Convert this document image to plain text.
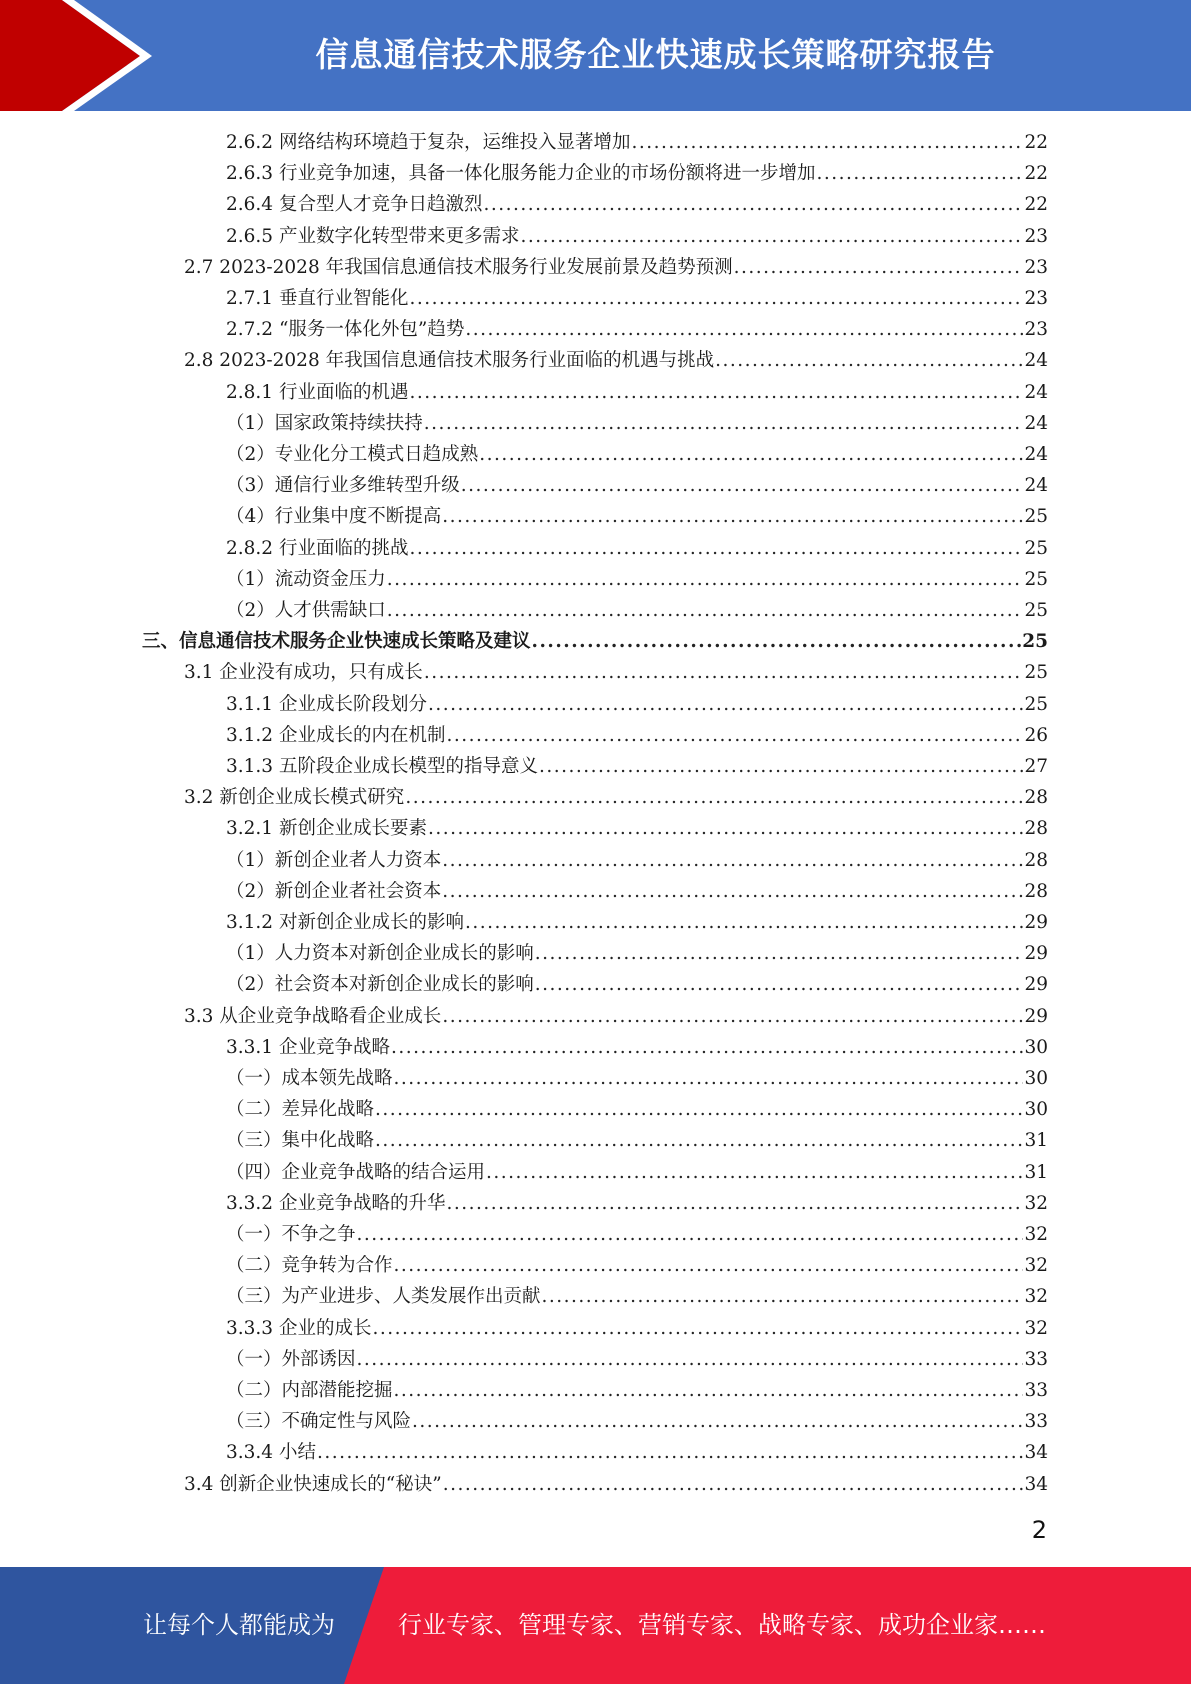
信息通信技术服务企业快速成长策略研究报告
2.6.2 网络结构环境趋于复杂，运维投入显著增加 .....	22
2.6.3 行业竞争加速，具备一体化服务能力企业的市场份额将进一步增加 .....	22
2.6.4 复合型人才竞争日趋激烈 .....	22
2.6.5 产业数字化转型带来更多需求 .....	23
2.7 2023-2028 年我国信息通信技术服务行业发展前景及趋势预测 .....	23
2.7.1 垂直行业智能化 .....	23
2.7.2 “服务一体化外包”趋势 .....	23
2.8 2023-2028 年我国信息通信技术服务行业面临的机遇与挑战 .....	24
2.8.1 行业面临的机遇 .....	24
（1）国家政策持续扶持 .....	24
（2）专业化分工模式日趋成熟 .....	24
（3）通信行业多维转型升级 .....	24
（4）行业集中度不断提高 .....	25
2.8.2 行业面临的挑战 .....	25
（1）流动资金压力 .....	25
（2）人才供需缺口 .....	25
三、信息通信技术服务企业快速成长策略及建议 .....	25
3.1 企业没有成功，只有成长 .....	25
3.1.1 企业成长阶段划分 .....	25
3.1.2 企业成长的内在机制 .....	26
3.1.3 五阶段企业成长模型的指导意义 .....	27
3.2 新创企业成长模式研究 .....	28
3.2.1 新创企业成长要素 .....	28
（1）新创企业者人力资本 .....	28
（2）新创企业者社会资本 .....	28
3.1.2 对新创企业成长的影响 .....	29
（1）人力资本对新创企业成长的影响 .....	29
（2）社会资本对新创企业成长的影响 .....	29
3.3 从企业竞争战略看企业成长 .....	29
3.3.1 企业竞争战略 .....	30
（一）成本领先战略 .....	30
（二）差异化战略 .....	30
（三）集中化战略 .....	31
（四）企业竞争战略的结合运用 .....	31
3.3.2 企业竞争战略的升华 .....	32
（一）不争之争 .....	32
（二）竞争转为合作 .....	32
（三）为产业进步、人类发展作出贡献 .....	32
3.3.3 企业的成长 .....	32
（一）外部诱因 .....	33
（二）内部潜能挖掘 .....	33
（三）不确定性与风险 .....	33
3.3.4 小结 .....	34
3.4 创新企业快速成长的“秘诀” .....	34
2
让每个人都能成为	行业专家、管理专家、营销专家、战略专家、成功企业家……
